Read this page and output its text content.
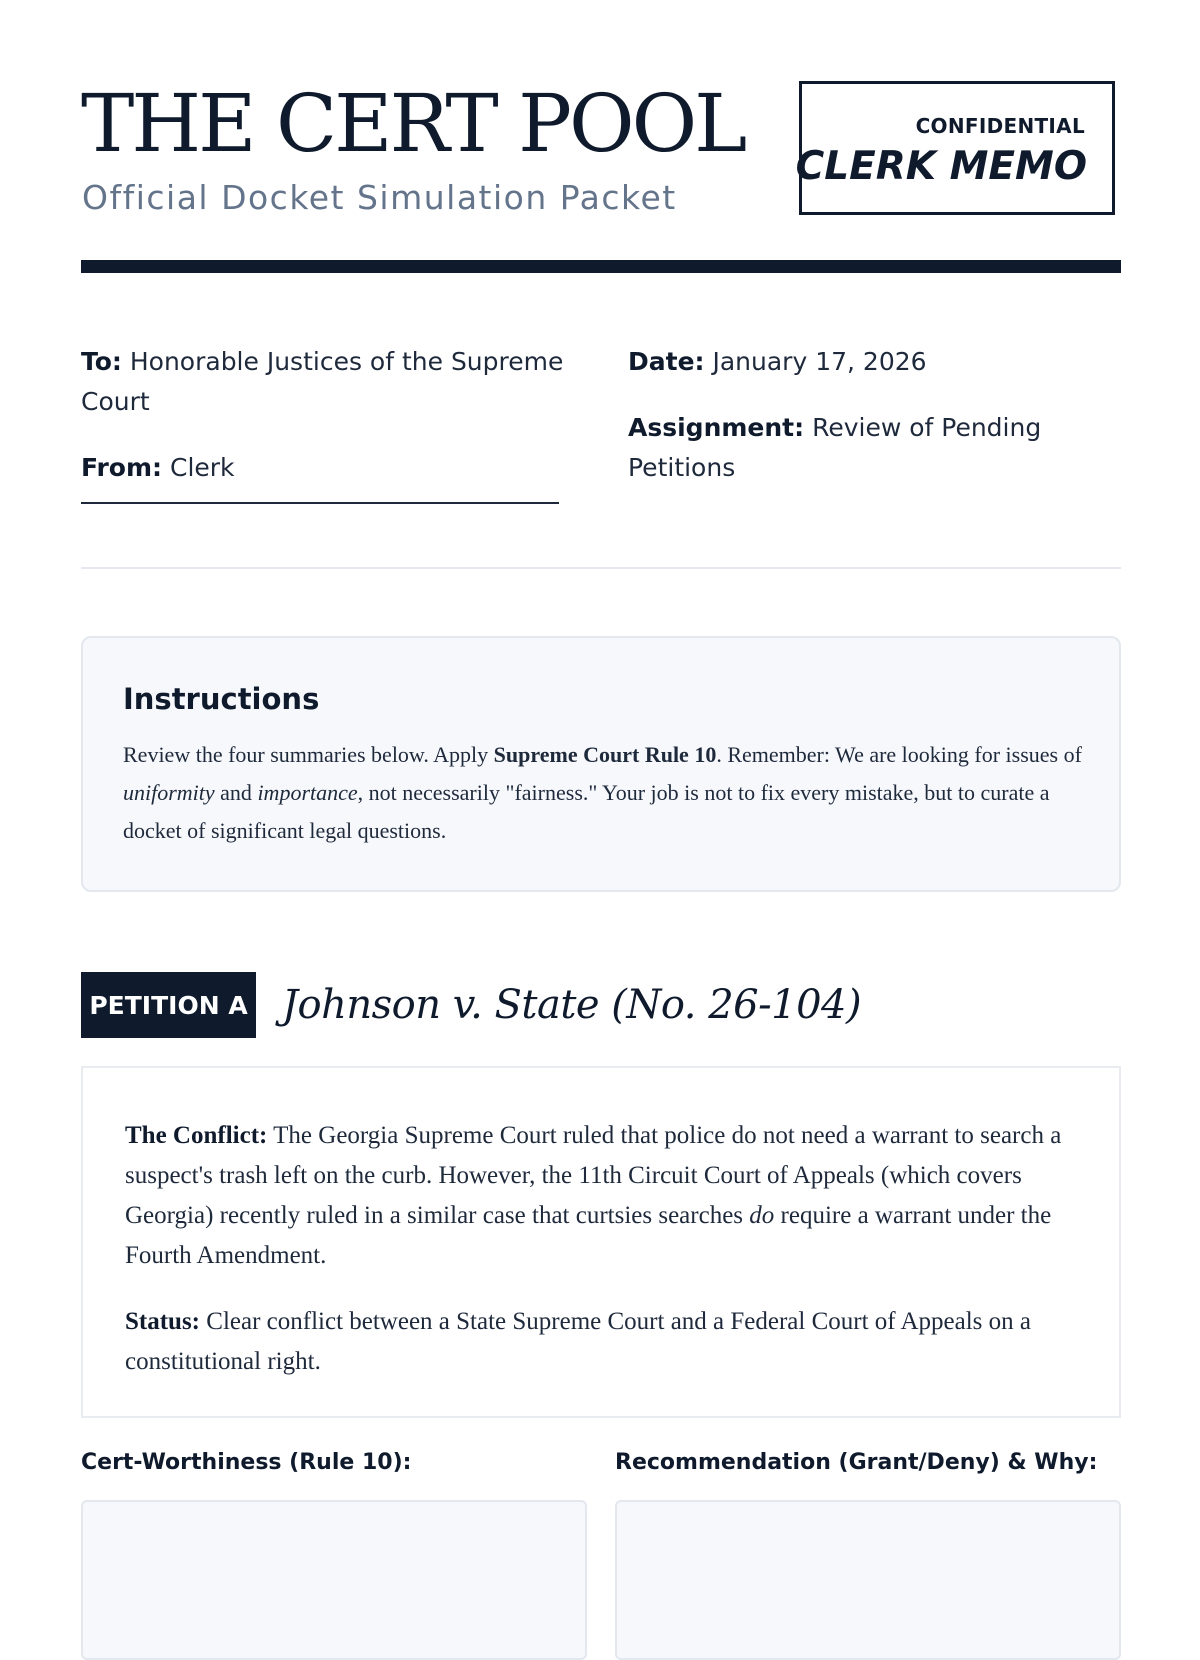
THE CERT POOL
Official Docket Simulation Packet
CONFIDENTIAL
CLERK MEMO
To: Honorable Justices of the Supreme Court
From: Clerk
Date: January 17, 2026
Assignment: Review of Pending Petitions
Instructions

Review the four summaries below. Apply Supreme Court Rule 10. Remember: We are looking for issues of uniformity and importance, not necessarily "fairness." Your job is not to fix every mistake, but to curate a docket of significant legal questions.

PETITION A Johnson v. State (No. 26-104)

The Conflict: The Georgia Supreme Court ruled that police do not need a warrant to search a suspect's trash left on the curb. However, the 11th Circuit Court of Appeals (which covers Georgia) recently ruled in a similar case that curtsies searches do require a warrant under the Fourth Amendment.

Status: Clear conflict between a State Supreme Court and a Federal Court of Appeals on a constitutional right.

Cert-Worthiness (Rule 10):	Recommendation (Grant/Deny) & Why:
